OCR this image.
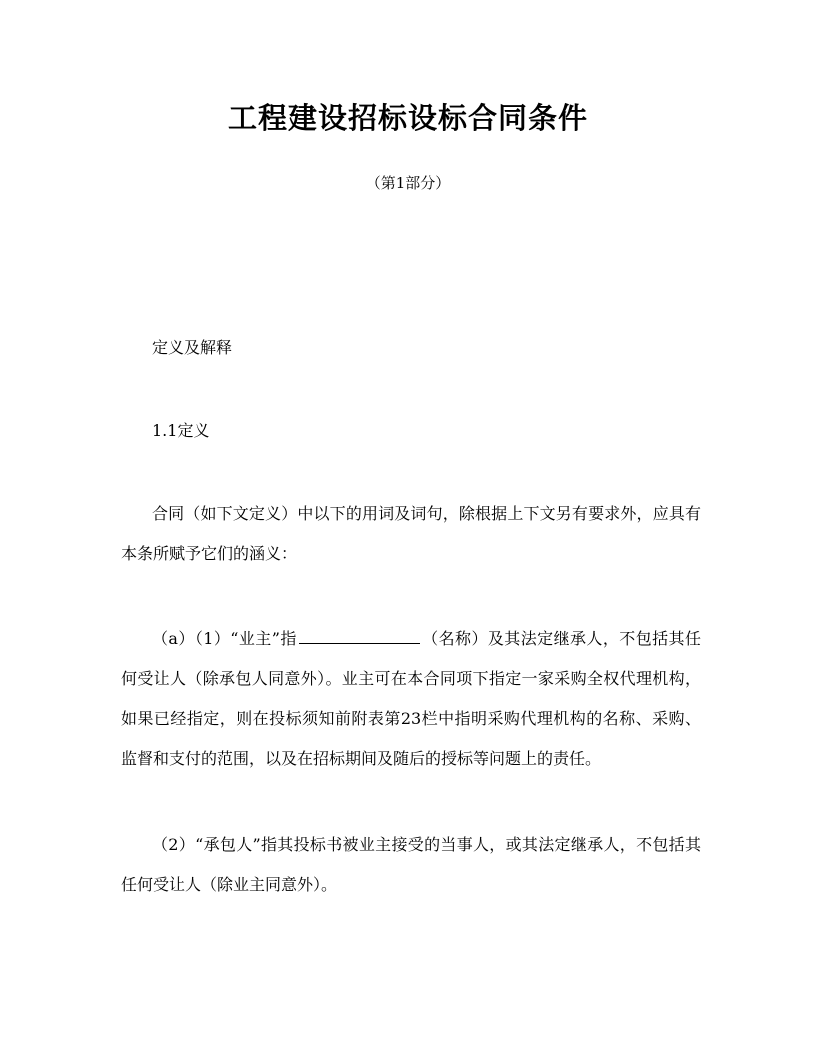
工程建设招标设标合同条件

（第1部分）

定义及解释

1.1定义

合同（如下文定义）中以下的用词及词句，除根据上下文另有要求外，应具有本条所赋予它们的涵义：

（a）（1）“业主”指	（名称）及其法定继承人，不包括其任何受让人（除承包人同意外）。业主可在本合同项下指定一家采购全权代理机构，如果已经指定，则在投标须知前附表第23栏中指明采购代理机构的名称、采购、监督和支付的范围，以及在招标期间及随后的授标等问题上的责任。

（2）“承包人”指其投标书被业主接受的当事人，或其法定继承人，不包括其任何受让人（除业主同意外）。
